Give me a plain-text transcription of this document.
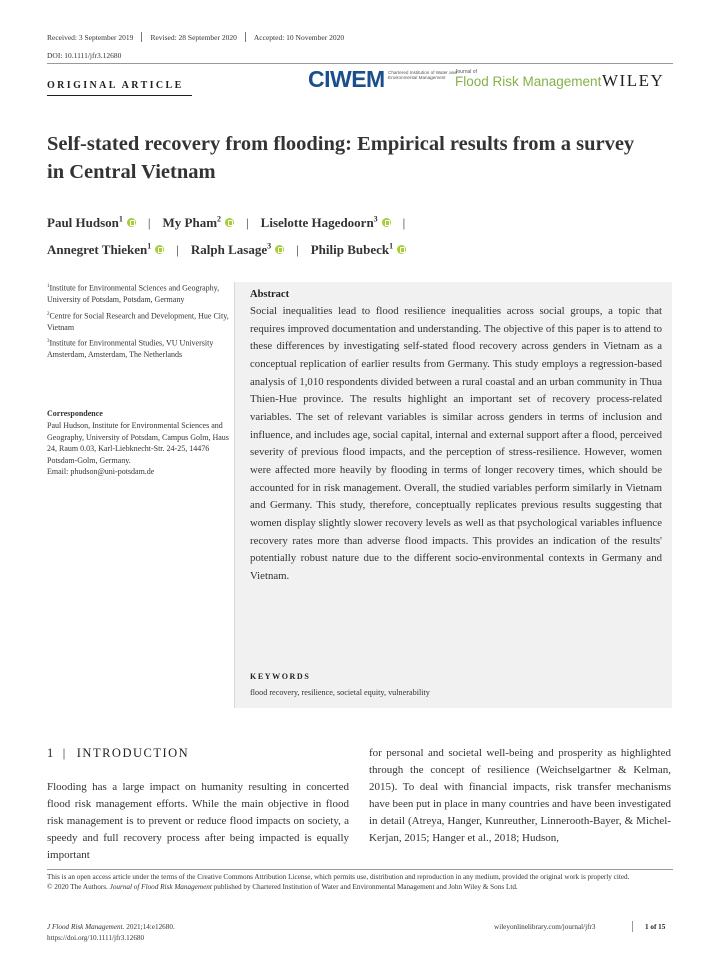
Received: 3 September 2019 Revised: 28 September 2020 Accepted: 10 November 2020
DOI: 10.1111/jfr3.12680
ORIGINAL ARTICLE	CIWEM Chartered Institution of Water and Environmental Management
Journal of
Flood Risk Management WILEY
Self-stated recovery from flooding: Empirical results from a survey in Central Vietnam
Paul Hudson$^1$ | My Pham$^2$ | Liselotte Hagedoorn$^3$ |
Annegret Thieken$^1$ | Ralph Lasage$^3$ | Philip Bubeck$^1$

$^1$Institute for Environmental Sciences and Geography, University of Potsdam, Potsdam, Germany

$^2$Centre for Social Research and Development, Hue City, Vietnam

$^3$Institute for Environmental Studies, VU University Amsterdam, Amsterdam, The Netherlands

Correspondence
Paul Hudson, Institute for Environmental Sciences and Geography, University of Potsdam, Campus Golm, Haus 24, Raum 0.03, Karl-Liebknecht-Str. 24-25, 14476 Potsdam-Golm, Germany.
Email: phudson@uni-potsdam.de
Abstract
Social inequalities lead to flood resilience inequalities across social groups, a topic that requires improved documentation and understanding. The objective of this paper is to attend to these differences by investigating self-stated flood recovery across genders in Vietnam as a conceptual replication of earlier results from Germany. This study employs a regression-based analysis of 1,010 respondents divided between a rural coastal and an urban community in Thua Thien-Hue province. The results highlight an important set of recovery process-related variables. The set of relevant variables is similar across genders in terms of inclusion and influence, and includes age, social capital, internal and external support after a flood, perceived severity of previous flood impacts, and the perception of stress-resilience. However, women were affected more heavily by flooding in terms of longer recovery times, which should be accounted for in risk management. Overall, the studied variables perform similarly in Vietnam and Germany. This study, therefore, conceptually replicates previous results suggesting that women display slightly slower recovery levels as well as that psychological variables influence recovery rates more than adverse flood impacts. This provides an indication of the results' potentially robust nature due to the different socio-environmental contexts in Germany and Vietnam.
KEYWORDS
flood recovery, resilience, societal equity, vulnerability
1 | INTRODUCTION
Flooding has a large impact on humanity resulting in concerted flood risk management efforts. While the main objective in flood risk management is to prevent or reduce flood impacts on society, a speedy and full recovery process after being impacted is equally important
for personal and societal well-being and prosperity as highlighted through the concept of resilience (Weichselgartner & Kelman, 2015). To deal with financial impacts, risk transfer mechanisms have been put in place in many countries and have been investigated in detail (Atreya, Hanger, Kunreuther, Linnerooth-Bayer, & Michel-Kerjan, 2015; Hanger et al., 2018; Hudson,
This is an open access article under the terms of the Creative Commons Attribution License, which permits use, distribution and reproduction in any medium, provided the original work is properly cited.
© 2020 The Authors. Journal of Flood Risk Management published by Chartered Institution of Water and Environmental Management and John Wiley & Sons Ltd.
J Flood Risk Management. 2021;14:e12680.
https://doi.org/10.1111/jfr3.12680
wileyonlinelibrary.com/journal/jfr3	1 of 15
